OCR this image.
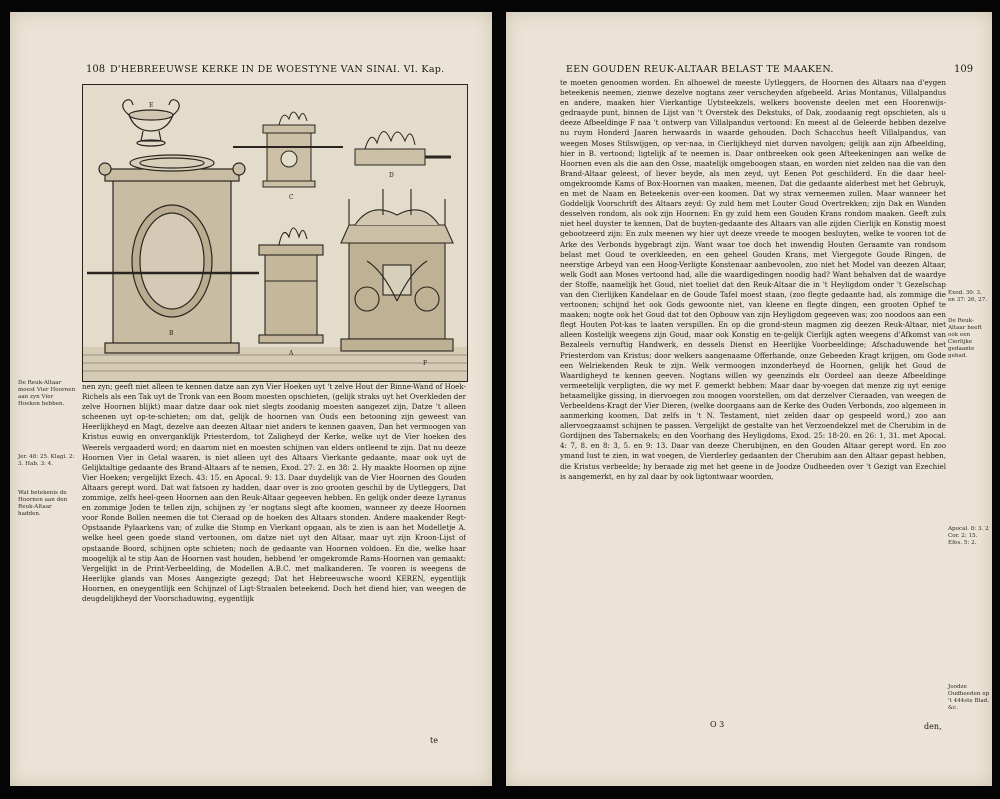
108 D'HEBREEUWSE KERKE IN DE WOESTYNE VAN SINAI. VI. Kap.
E
C
D
B
A
F
De Reuk-Altaar moest Vier Hoornen aan zyn Vier Hoeken hebben.
Jer. 48: 25. Klagl. 2: 3. Hab. 3: 4.
Wat betekenis de Hoornen aan den Reuk-Altaar hadden.

nen zyn; geeft niet alleen te kennen datze aan zyn Vier Hoeken uyt 't zelve Hout der Binne-Wand of Hoek-Richels als een Tak uyt de Tronk van een Boom moesten opschieten, (gelijk straks uyt het Overkleden der zelve Hoornen blijkt) maar datze daar ook niet slegts zoodanig moesten aangezet zijn, Datze 't alleen scheenen uyt op-te-schieten; om dat, gelijk de hoornen van Ouds een betooning zijn geweest van Heerlijkheyd en Magt, dezelve aan deezen Altaar niet anders te kennen gaaven, Dan het vermoogen van Kristus euwig en onverganklijk Priesterdom, tot Zaligheyd der Kerke, welke uyt de Vier hoeken des Weerels vergaaderd word; en daarom niet en moesten schijnen van elders ontleend te zijn. Dat nu deeze Hoornen Vier in Getal waaren, is niet alleen uyt des Altaars Vierkante gedaante, maar ook uyt de Gelijktaltige gedaante des Brand-Altaars af te nemen, Exod. 27: 2. en 38: 2. Hy maakte Hoornen op zijne Vier Hoeken; vergelijkt Ezech. 43: 15. en Apocal. 9: 13. Daar duydelijk van de Vier Hoornen des Gouden Altaars gerept word. Dat wat fatsoen zy hadden, daar over is zoo grooten geschil by de Uytleggers, Dat zommige, zelfs heel-geen Hoornen aan den Reuk-Altaar gegeeven hebben. En gelijk onder deeze Lyranus en zommige Joden te tellen zijn, schijnen zy 'er nogtans slegt afte koomen, wanneer zy deeze Hoornen voor Ronde Bollen neemen die tot Cieraad op de hoeken des Altaars stonden. Andere maakender Regt-Opstaande Pylaarkens van; of zulke die Stomp en Vierkant opgaan, als te zien is aan het Modelletje A. welke heel geen goede stand vertoonen, om datze niet uyt den Altaar, maar uyt zijn Kroon-Lijst of opstaande Boord, schijnen opte schieten; noch de gedaante van Hoornen voldoen. En die, welke haar moogelijk al te stip Aan de Hoornen vast houden, hebbend 'er omgekromde Rams-Hoornen van gemaakt: Vergelijkt in de Print-Verbeelding, de Modellen A.B.C. met malkanderen. Te vooren is weegens de Heerlijke glands van Moses Aangezigte gezegd; Dat het Hebreeuwsche woord KEREN, eygentlijk Hoornen, en oneygentlijk een Schijnzel of Ligt-Straalen beteekend. Doch het diend hier, van weegen de deugdelijkheyd der Voorschaduwing, eygentlijk

te
EEN GOUDEN REUK-ALTAAR BELAST TE MAAKEN.	109

te moeten genoomen worden. En alhoewel de meeste Uytleggers, de Hoornen des Altaars naa d'eygen beteekenis neemen, zienwe dezelve nogtans zeer verscheyden afgebeeld. Arias Montanus, Villalpandus en andere, maaken hier Vierkantige Uytsteekzels, welkers boovenste deelen met een Hoorenwijs-gedraayde punt, binnen de Lijst van 't Overstek des Dekstuks, of Dak, zoodaanig regt opschieten, als u deeze Afbeeldinge F naa 't ontwerp van Villalpandus vertoond: En meest al de Geleerde hebben dezelve nu ruym Honderd Jaaren herwaards in waarde gehouden. Doch Schacchus heeft Villalpandus, van weegen Moses Stilswijgen, op ver-naa, in Cierlijkheyd niet durven navolgen; gelijk aan zijn Afbeelding, hier in B. vertoond; ligtelijk af te neemen is. Daar ontbreeken ook geen Afteekeningen aan welke de Hoornen even als die aan den Osse, maatelijk omgeboogen staan, en worden niet zelden naa die van den Brand-Altaar geleest, of liever beyde, als men zeyd, uyt Eenen Pot geschilderd. En die daar heel-omgekroomde Kams of Box-Hoornen van maaken, meenen, Dat die gedaante alderbest met het Gebruyk, en met de Naam en Beteekenis over-een koomen. Dat wy strax verneemen zullen. Maar wanneer het Goddelijk Voorschrift des Altaars zeyd: Gy zuld hem met Louter Goud Overtrekken; zijn Dak en Wanden desselven rondom, als ook zijn Hoornen: En gy zuld hem een Gouden Krans rondom maaken. Geeft zulx niet heel duyster te kennen, Dat de buyten-gedaante des Altaars van alle zijden Cierlijk en Konstig moest gebootzeerd zijn: En zulx meenen wy hier uyt deeze vreede te moogen besluyten, welke te vooren tot de Arke des Verbonds bygebragt zijn. Want waar toe doch het inwendig Houten Geraamte van rondsom belast met Goud te overkleeden, en een geheel Gouden Krans, met Viergegote Goude Ringen, de neerstige Arbeyd van een Hoog-Verligte Konstenaar aanbevoolen, zoo niet het Model van deezen Altaar, welk Godt aan Moses vertoond had, alle die waardigedingen noodig had? Want behalven dat de waardye der Stoffe, naamelijk het Goud, niet toeliet dat den Reuk-Altaar die in 't Heyligdom onder 't Gezelschap van den Cierlijken Kandelaar en de Goude Tafel moest staan, (zoo flegte gedaante had, als zommige die vertoonen; schijnd het ook Gods gewoonte niet, van kleene en flegte dingen, een grooten Ophef te maaken; nogte ook het Goud dat tot den Opbouw van zijn Heyligdom gegeeven was; zoo noodoos aan een flegt Houten Pot-kas te laaten verspillen. En op die grond-steun magmen zig deezen Reuk-Altaar, niet alleen Kostelijk weegens zijn Goud, maar ook Konstig en te-gelijk Cierlijk agten weegens d'Afkomst van Bezaleels vernuftig Handwerk, en dessels Dienst en Heerlijke Voorbeeldinge; Afschaduwende het Priesterdom van Kristus; door welkers aangenaame Offerhande, onze Gebeeden Kragt krijgen, om Gode een Welriekenden Reuk te zijn. Welk vermoogen inzonderheyd de Hoornen, gelijk het Goud de Waardigheyd te kennen geeven. Nogtans willen wy geenzinds elx Oordeel aan deeze Afbeeldinge vermeetelijk verpligten, die wy met F. gemerkt hebben: Maar daar by-voegen dat menze zig uyt eenige betaamelijke gissing, in diervoegen zou moogen voorstellen, om dat derzelver Cieraaden, van weegen de Verbeeldens-Kragt der Vier Dieren, (welke doorgaans aan de Kerke des Ouden Verbonds, zoo algemeen in aanmerking koomen, Dat zelfs in 't N. Testament, niet zelden daar op gespeeld word,) zoo aan allervoegzaamst schijnen te passen. Vergelijkt de gestalte van het Verzoendekzel met de Cherubim in de Gordijnen des Tabernakels; en den Voorhang des Heyligdoms, Exod. 25: 18-20. en 26: 1, 31. met Apocal. 4: 7, 8. en 8: 3, 5. en 9: 13. Daar van deeze Cherubijnen, en den Gouden Altaar gerept word. En zoo ymand lust te zien, in wat voegen, de Vierderley gedaanten der Cherubim aan den Altaar gepast hebben, die Kristus verbeelde; hy beraade zig met het geene in de Joodze Oudheeden over 't Gezigt van Ezechiel is aangemerkt, en hy zal daar by ook ligtontwaar woorden,

Exod. 30: 3. en 37: 26, 27.
De Reuk-Altaar heeft ook een Cierlijke gedaante gehad.
Apocal. 8: 3. 2 Cor. 2: 15. Efes. 5: 2.
Joodze Oudheeden op 't 444ste Blad. &c.
O 3	den,
